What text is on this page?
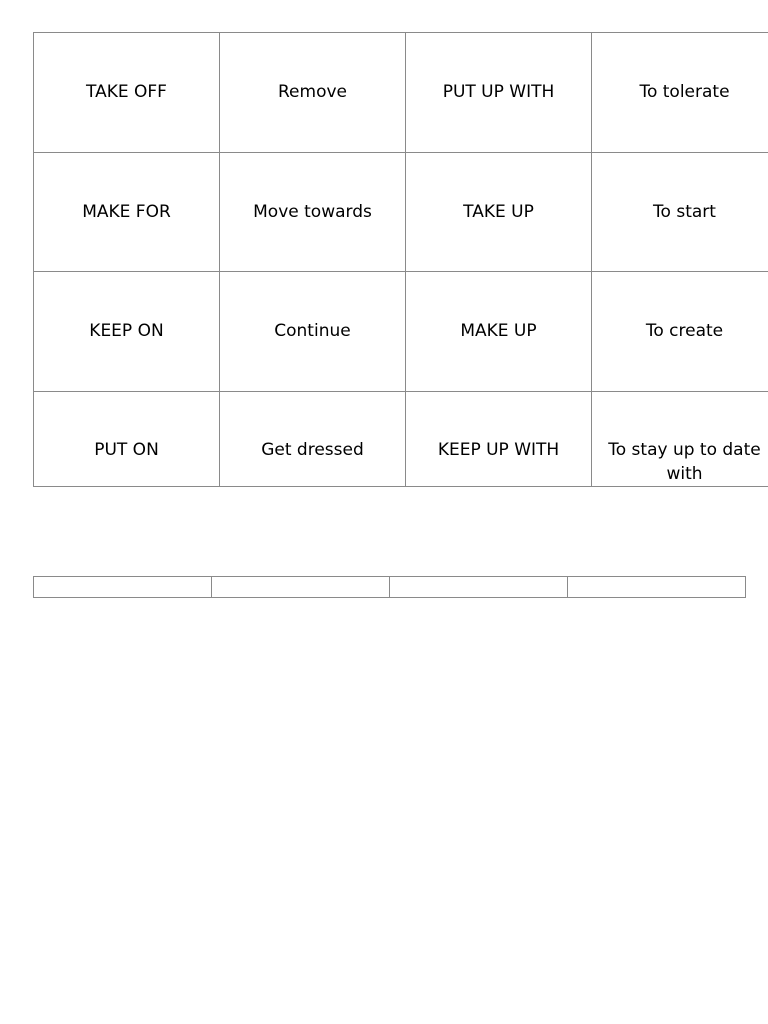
TAKE OFF	Remove	PUT UP WITH	To tolerate
MAKE FOR	Move towards	TAKE UP	To start
KEEP ON	Continue	MAKE UP	To create
PUT ON	Get dressed	KEEP UP WITH	To stay up to date with
